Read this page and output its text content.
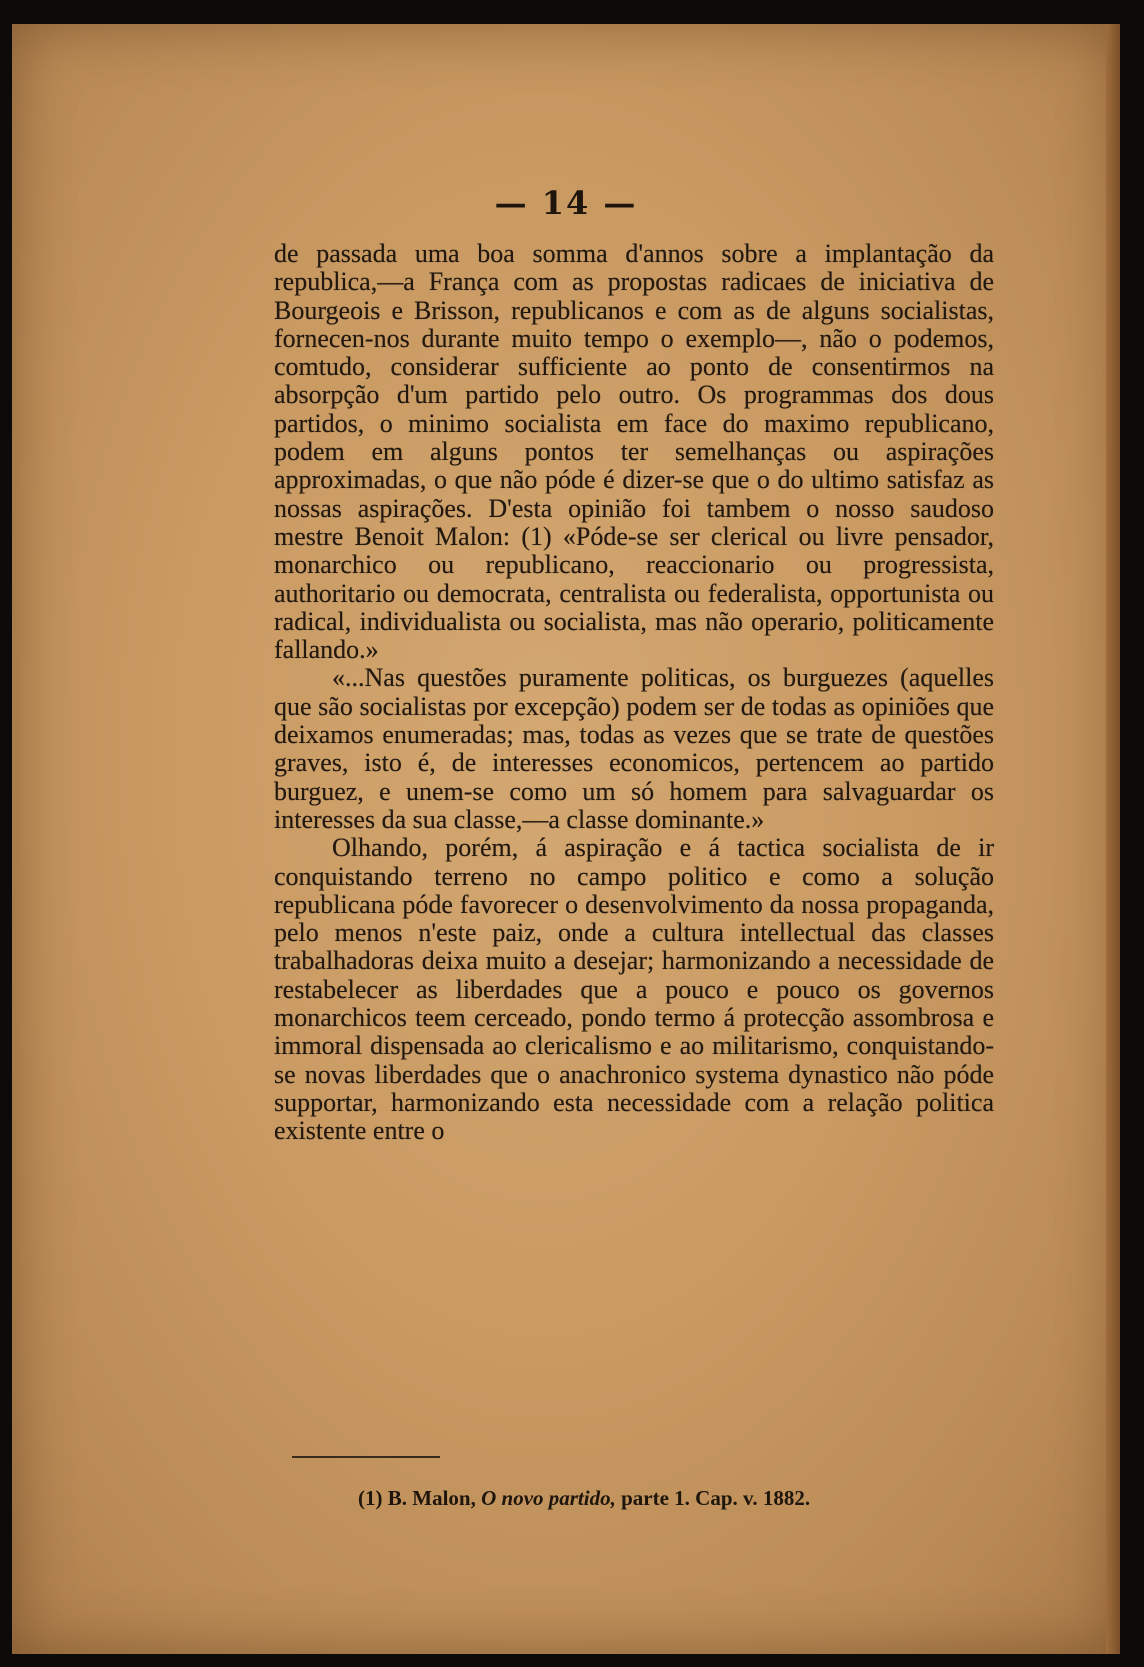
— 14 —

de passada uma boa somma d'annos sobre a implantação da republica,—a França com as propostas radicaes de iniciativa de Bourgeois e Brisson, republicanos e com as de alguns socialistas, fornecen-nos durante muito tempo o exemplo—, não o podemos, comtudo, considerar sufficiente ao ponto de consentirmos na absorpção d'um partido pelo outro. Os programmas dos dous partidos, o minimo socialista em face do maximo republicano, podem em alguns pontos ter semelhanças ou aspirações approximadas, o que não póde é dizer-se que o do ultimo satisfaz as nossas aspirações. D'esta opinião foi tambem o nosso saudoso mestre Benoit Malon: (1) «Póde-se ser clerical ou livre pensador, monarchico ou republicano, reaccionario ou progressista, authoritario ou democrata, centralista ou federalista, opportunista ou radical, individualista ou socialista, mas não operario, politicamente fallando.»

«...Nas questões puramente politicas, os burguezes (aquelles que são socialistas por excepção) podem ser de todas as opiniões que deixamos enumeradas; mas, todas as vezes que se trate de questões graves, isto é, de interesses economicos, pertencem ao partido burguez, e unem-se como um só homem para salvaguardar os interesses da sua classe,—a classe dominante.»

Olhando, porém, á aspiração e á tactica socialista de ir conquistando terreno no campo politico e como a solução republicana póde favorecer o desenvolvimento da nossa propaganda, pelo menos n'este paiz, onde a cultura intellectual das classes trabalhadoras deixa muito a desejar; harmonizando a necessidade de restabelecer as liberdades que a pouco e pouco os governos monarchicos teem cerceado, pondo termo á protecção assombrosa e immoral dispensada ao clericalismo e ao militarismo, conquistando-se novas liberdades que o anachronico systema dynastico não póde supportar, harmonizando esta necessidade com a relação politica existente entre o

(1) B. Malon, O novo partido, parte 1. Cap. v. 1882.
